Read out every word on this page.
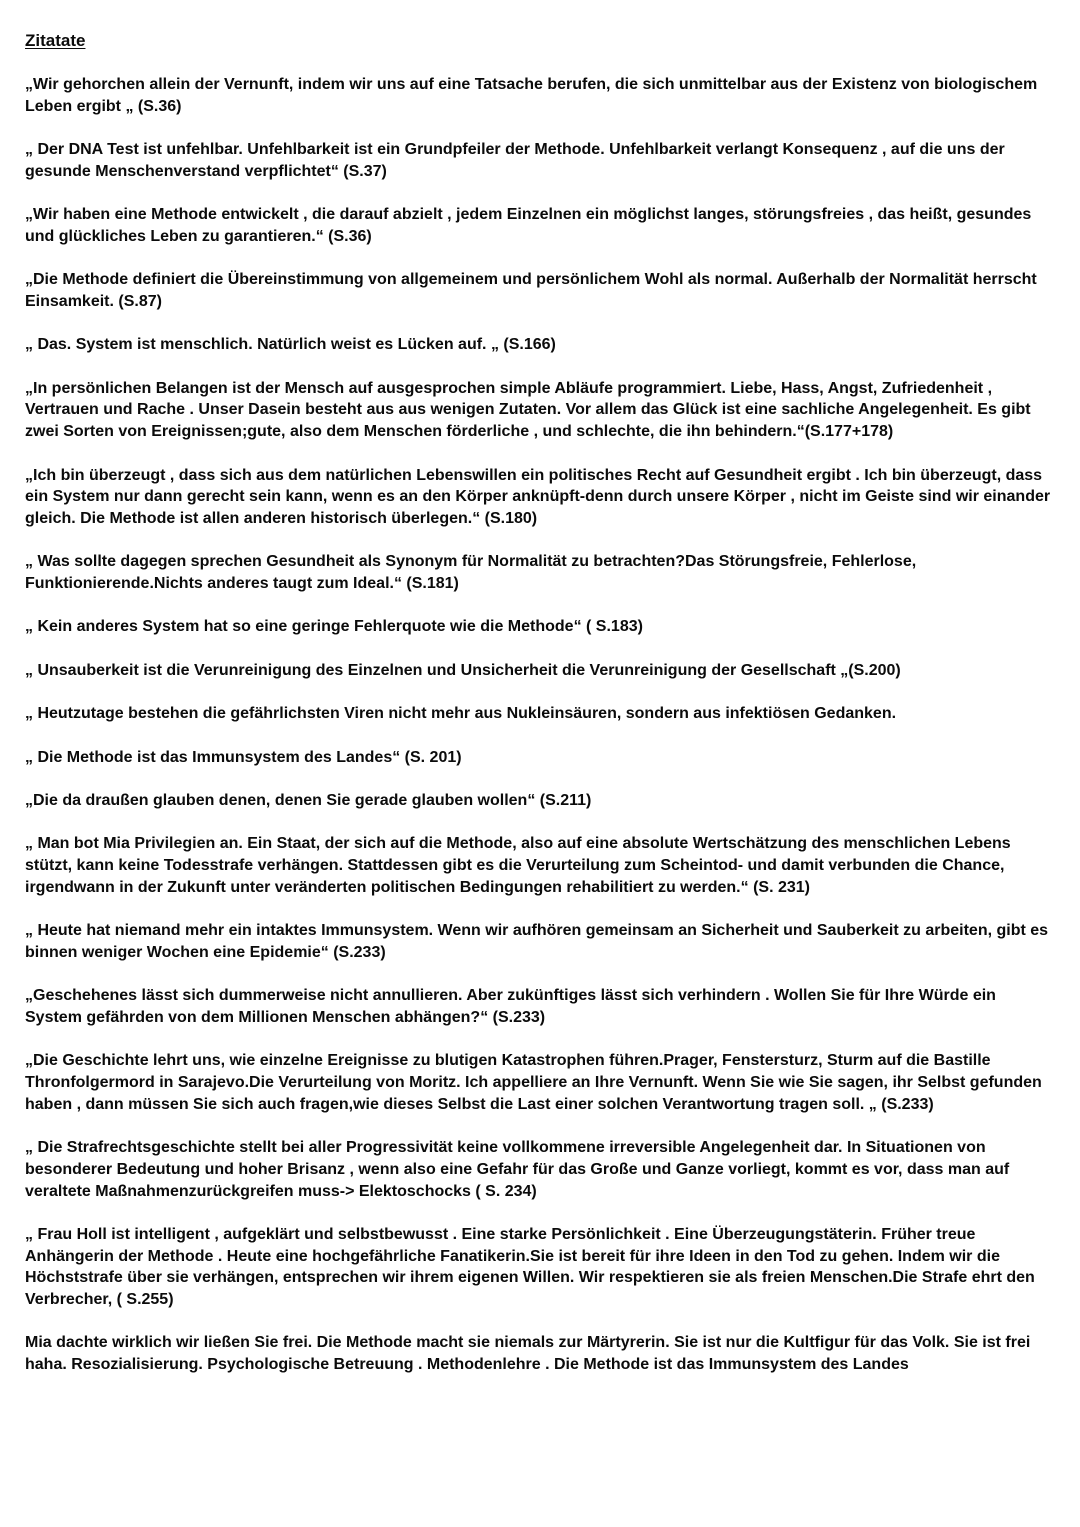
Zitatate

„Wir gehorchen allein der Vernunft, indem wir uns auf eine Tatsache berufen, die sich unmittelbar aus der Existenz von biologischem Leben ergibt „ (S.36)

„ Der DNA Test ist unfehlbar. Unfehlbarkeit ist ein Grundpfeiler der Methode. Unfehlbarkeit verlangt Konsequenz , auf die uns der gesunde Menschenverstand verpflichtet“ (S.37)

„Wir haben eine Methode entwickelt , die darauf abzielt , jedem Einzelnen ein möglichst langes, störungsfreies , das heißt, gesundes und glückliches Leben zu garantieren.“ (S.36)

„Die Methode definiert die Übereinstimmung von allgemeinem und persönlichem Wohl als normal. Außerhalb der Normalität herrscht Einsamkeit. (S.87)

„ Das. System ist menschlich. Natürlich weist es Lücken auf. „ (S.166)

„In persönlichen Belangen ist der Mensch auf ausgesprochen simple Abläufe programmiert. Liebe, Hass, Angst, Zufriedenheit , Vertrauen und Rache . Unser Dasein besteht aus aus wenigen Zutaten. Vor allem das Glück ist eine sachliche Angelegenheit. Es gibt zwei Sorten von Ereignissen;gute, also dem Menschen förderliche , und schlechte, die ihn behindern.“(S.177+178)

„Ich bin überzeugt , dass sich aus dem natürlichen Lebenswillen ein politisches Recht auf Gesundheit ergibt . Ich bin überzeugt, dass ein System nur dann gerecht sein kann, wenn es an den Körper anknüpft-denn durch unsere Körper , nicht im Geiste sind wir einander gleich. Die Methode ist allen anderen historisch überlegen.“ (S.180)

„ Was sollte dagegen sprechen Gesundheit als Synonym für Normalität zu betrachten?Das Störungsfreie, Fehlerlose, Funktionierende.Nichts anderes taugt zum Ideal.“ (S.181)

„ Kein anderes System hat so eine geringe Fehlerquote wie die Methode“ ( S.183)

„ Unsauberkeit ist die Verunreinigung des Einzelnen und Unsicherheit die Verunreinigung der Gesellschaft „(S.200)

„ Heutzutage bestehen die gefährlichsten Viren nicht mehr aus Nukleinsäuren, sondern aus infektiösen Gedanken.

„ Die Methode ist das Immunsystem des Landes“ (S. 201)

„Die da draußen glauben denen, denen Sie gerade glauben wollen“ (S.211)

„ Man bot Mia Privilegien an. Ein Staat, der sich auf die Methode, also auf eine absolute Wertschätzung des menschlichen Lebens stützt, kann keine Todesstrafe verhängen. Stattdessen gibt es die Verurteilung zum Scheintod- und damit verbunden die Chance, irgendwann in der Zukunft unter veränderten politischen Bedingungen rehabilitiert zu werden.“ (S. 231)

„ Heute hat niemand mehr ein intaktes Immunsystem. Wenn wir aufhören gemeinsam an Sicherheit und Sauberkeit zu arbeiten, gibt es binnen weniger Wochen eine Epidemie“ (S.233)

„Geschehenes lässt sich dummerweise nicht annullieren. Aber zukünftiges lässt sich verhindern . Wollen Sie für Ihre Würde ein System gefährden von dem Millionen Menschen abhängen?“ (S.233)

„Die Geschichte lehrt uns, wie einzelne Ereignisse zu blutigen Katastrophen führen.Prager, Fenstersturz, Sturm auf die Bastille Thronfolgermord in Sarajevo.Die Verurteilung von Moritz. Ich appelliere an Ihre Vernunft. Wenn Sie wie Sie sagen, ihr Selbst gefunden haben , dann müssen Sie sich auch fragen,wie dieses Selbst die Last einer solchen Verantwortung tragen soll. „ (S.233)

„ Die Strafrechtsgeschichte stellt bei aller Progressivität keine vollkommene irreversible Angelegenheit dar. In Situationen von besonderer Bedeutung und hoher Brisanz , wenn also eine Gefahr für das Große und Ganze vorliegt, kommt es vor, dass man auf veraltete Maßnahmenzurückgreifen muss-> Elektoschocks ( S. 234)

„ Frau Holl ist intelligent , aufgeklärt und selbstbewusst . Eine starke Persönlichkeit . Eine Überzeugungstäterin. Früher treue Anhängerin der Methode . Heute eine hochgefährliche Fanatikerin.Sie ist bereit für ihre Ideen in den Tod zu gehen. Indem wir die Höchststrafe über sie verhängen, entsprechen wir ihrem eigenen Willen. Wir respektieren sie als freien Menschen.Die Strafe ehrt den Verbrecher, ( S.255)

Mia dachte wirklich wir ließen Sie frei. Die Methode macht sie niemals zur Märtyrerin. Sie ist nur die Kultfigur für das Volk. Sie ist frei haha. Resozialisierung. Psychologische Betreuung . Methodenlehre . Die Methode ist das Immunsystem des Landes
